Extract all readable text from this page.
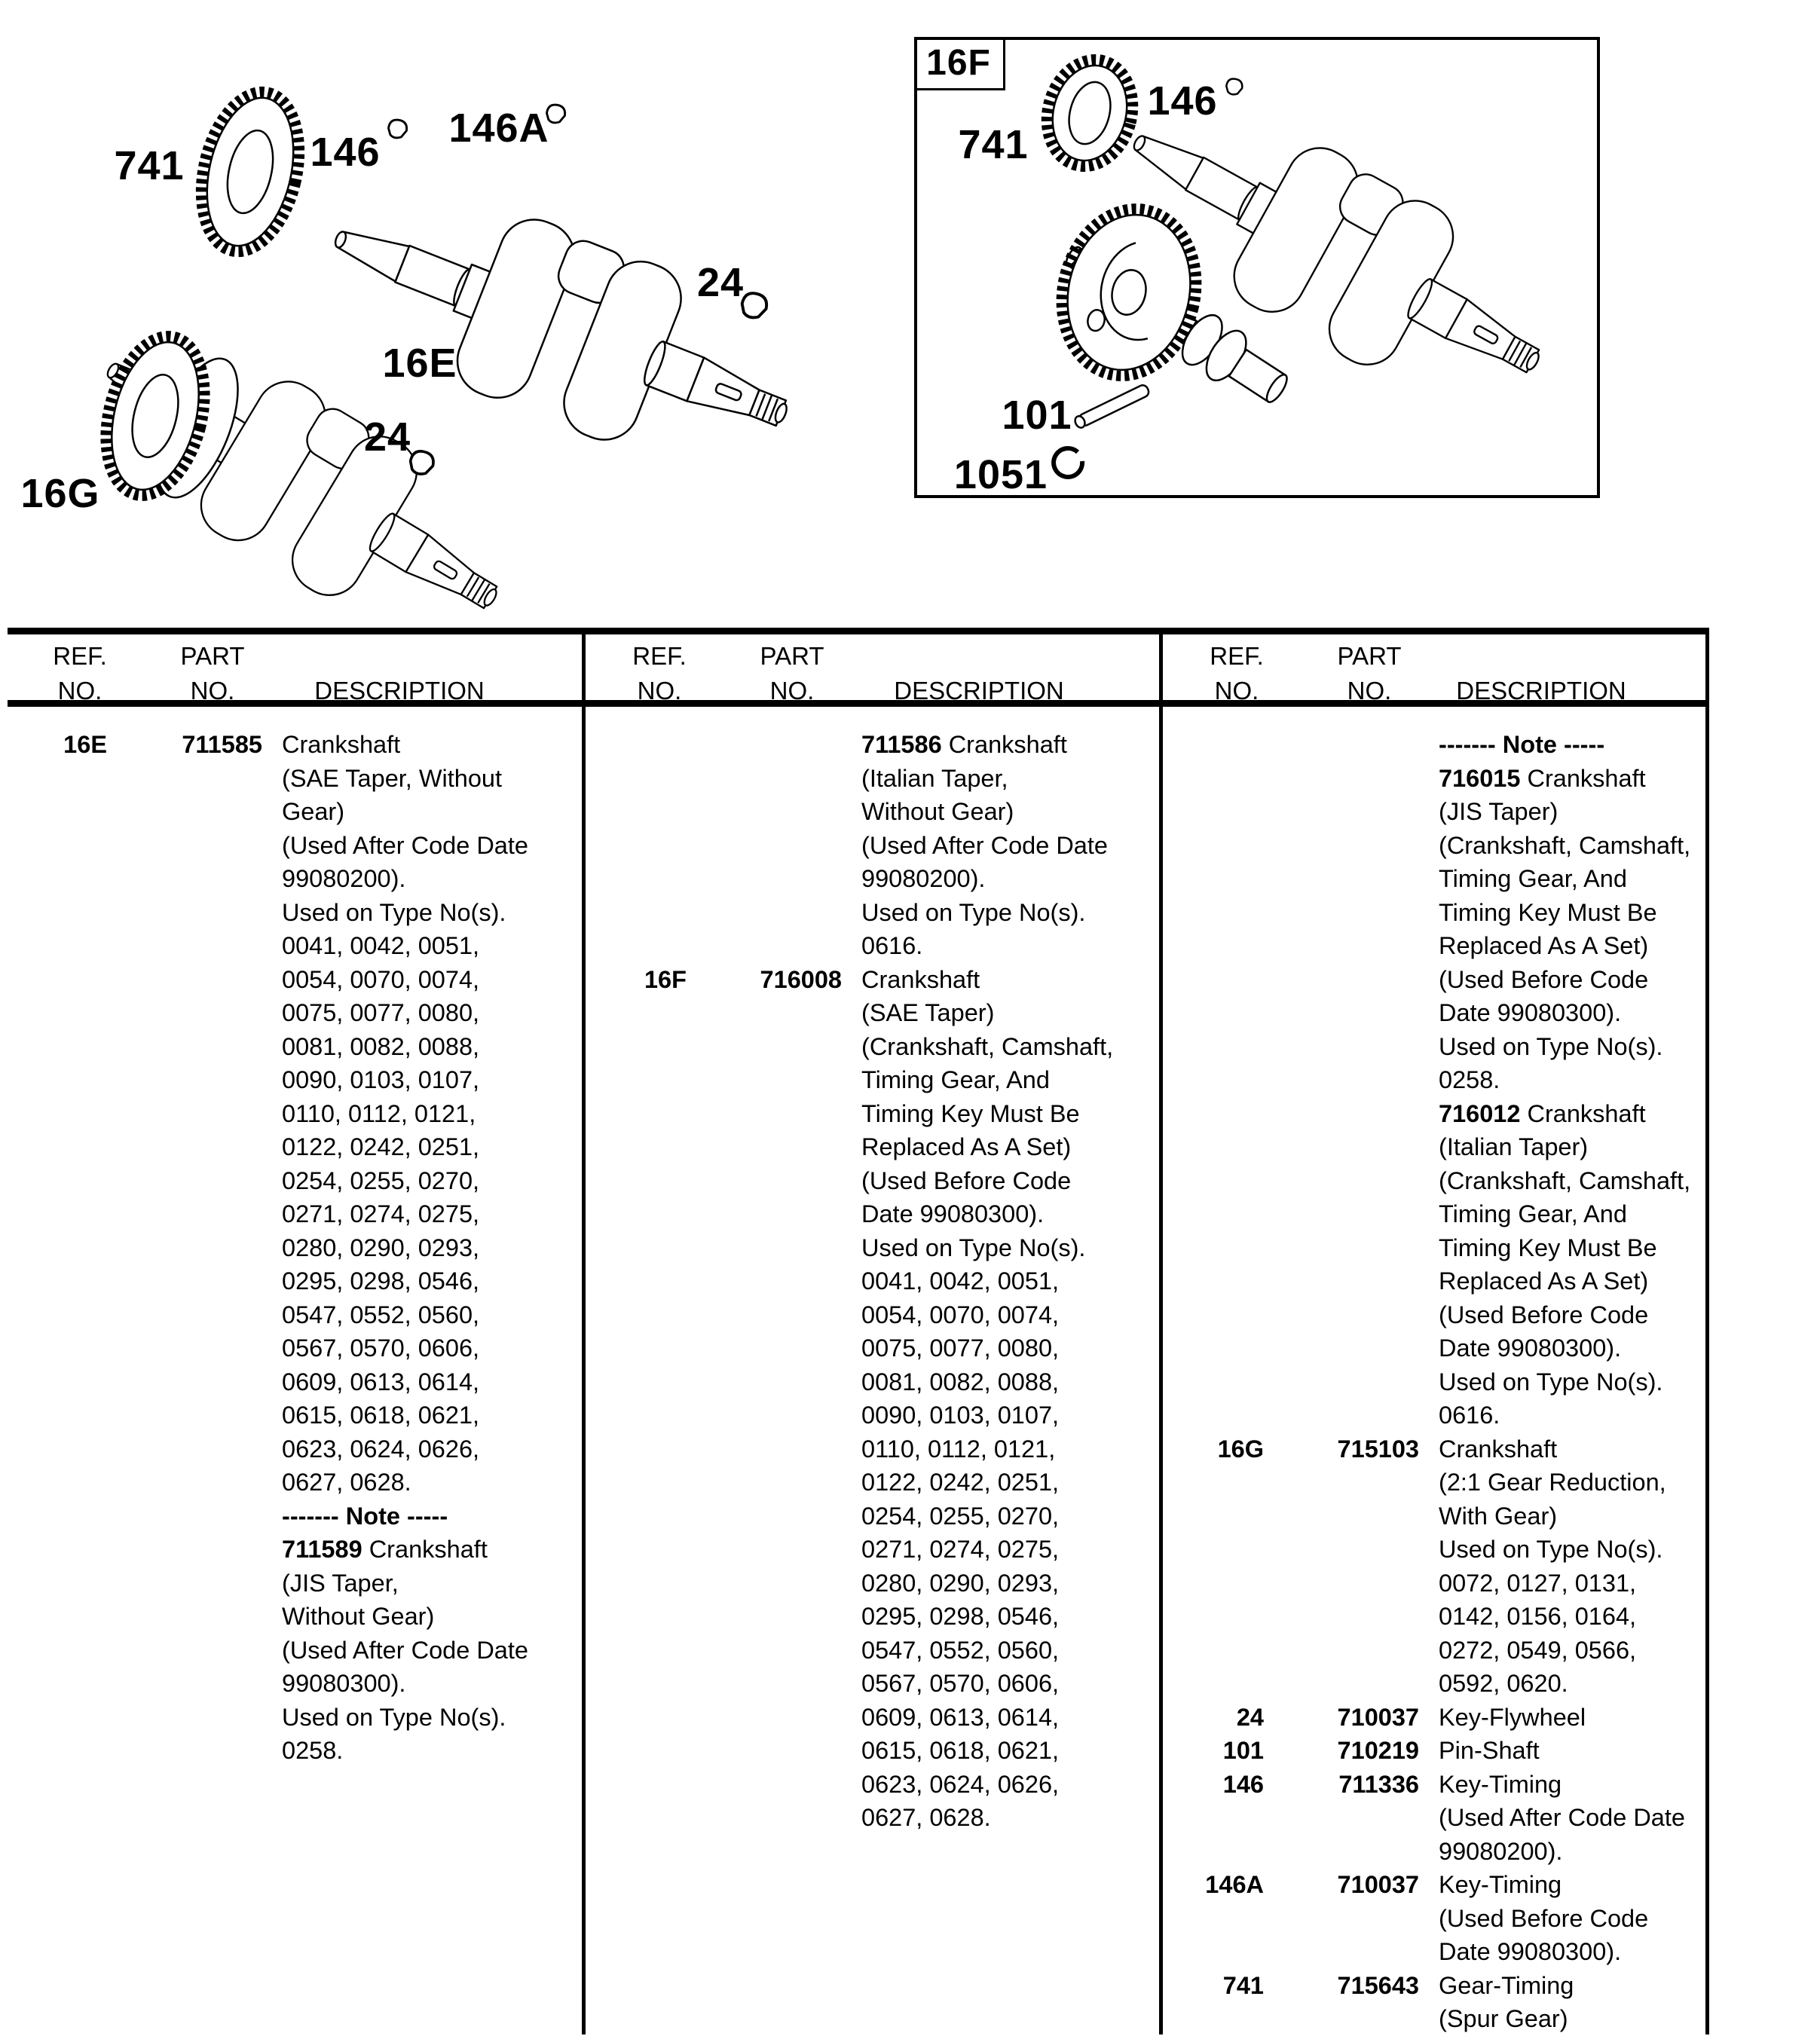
16F
741	146
146A
24
16E
24
16G
741
146
101
1051
REF.
NO.
PART
NO.	DESCRIPTION
REF.
NO.
PART
NO.	DESCRIPTION
REF.
NO.
PART
NO.	DESCRIPTION
16E	711585 Crankshaft
(SAE Taper, Without
Gear)
(Used After Code Date
99080200).
Used on Type No(s).
0041, 0042, 0051,
0054, 0070, 0074,
0075, 0077, 0080,
0081, 0082, 0088,
0090, 0103, 0107,
0110, 0112, 0121,
0122, 0242, 0251,
0254, 0255, 0270,
0271, 0274, 0275,
0280, 0290, 0293,
0295, 0298, 0546,
0547, 0552, 0560,
0567, 0570, 0606,
0609, 0613, 0614,
0615, 0618, 0621,
0623, 0624, 0626,
0627, 0628.
------- Note -----
711589 Crankshaft
(JIS Taper,
Without Gear)
(Used After Code Date
99080300).
Used on Type No(s).
0258.
711586 Crankshaft
(Italian Taper,
Without Gear)
(Used After Code Date
99080200).
Used on Type No(s).
0616.
16F	716008 Crankshaft
(SAE Taper)
(Crankshaft, Camshaft,
Timing Gear, And
Timing Key Must Be
Replaced As A Set)
(Used Before Code
Date 99080300).
Used on Type No(s).
0041, 0042, 0051,
0054, 0070, 0074,
0075, 0077, 0080,
0081, 0082, 0088,
0090, 0103, 0107,
0110, 0112, 0121,
0122, 0242, 0251,
0254, 0255, 0270,
0271, 0274, 0275,
0280, 0290, 0293,
0295, 0298, 0546,
0547, 0552, 0560,
0567, 0570, 0606,
0609, 0613, 0614,
0615, 0618, 0621,
0623, 0624, 0626,
0627, 0628.
------- Note -----
716015 Crankshaft
(JIS Taper)
(Crankshaft, Camshaft,
Timing Gear, And
Timing Key Must Be
Replaced As A Set)
(Used Before Code
Date 99080300).
Used on Type No(s).
0258.
716012 Crankshaft
(Italian Taper)
(Crankshaft, Camshaft,
Timing Gear, And
Timing Key Must Be
Replaced As A Set)
(Used Before Code
Date 99080300).
Used on Type No(s).
0616.
16G	715103 Crankshaft
(2:1 Gear Reduction,
With Gear)
Used on Type No(s).
0072, 0127, 0131,
0142, 0156, 0164,
0272, 0549, 0566,
0592, 0620.
24	710037 Key-Flywheel
101	710219 Pin-Shaft
146	711336 Key-Timing
(Used After Code Date
99080200).
146A	710037 Key-Timing
(Used Before Code
Date 99080300).
741	715643 Gear-Timing
(Spur Gear)
